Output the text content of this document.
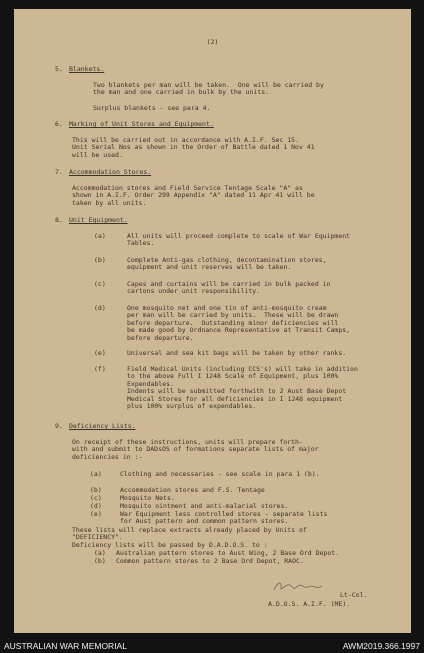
(2)
5. Blankets.
Two blankets per man will be taken.  One will be carried by
the man and one carried in bulk by the units.
Surplus blankets - see para 4.
6. Marking of Unit Stores and Equipment.
This will be carried out in accordance with A.I.F. Sec 15.
Unit Serial Nos as shown in the Order of Battle dated 1 Nov 41
will be used.
7. Accommodation Stores.
Accommodation stores and Field Service Tentage Scale "A" as
shown in A.I.F. Order 299 Appendix "A" dated 11 Apr 41 will be
taken by all units.
8. Unit Equipment.
(a)	All units will proceed complete to scale of War Equipment
Tables.
(b)	Complete Anti-gas clothing, decontamination stores,
equipment and unit reserves will be taken.
(c)	Capes and curtains will be carried in bulk packed in
cartons under unit responsibility.
(d)	One mosquito net and one tin of anti-mosquito cream
per man will be carried by units.  These will be drawn
before departure.  Outstanding minor deficiencies will
be made good by Ordnance Representative at Transit Camps,
before departure.
(e)	Universal and sea kit bags will be taken by other ranks.
(f)	Field Medical Units (including CCS's) will take in addition
to the above Full I 1248 Scale of Equipment, plus 100%
Expendables.
Indents will be submitted forthwith to 2 Aust Base Depot
Medical Stores for all deficiencies in I 1248 equipment
plus 100% surplus of expendables.
9. Deficiency Lists.
On receipt of these instructions, units will prepare forth-
with and submit to DADsOS of formations separate lists of major
deficiencies in :-
(a)	Clothing and necessaries - see scale in para 1 (b).
(b)	Accommodation stores and F.S. Tentage
(c)	Mosquito Nets.
(d)	Mosquito ointment and anti-malarial stores.
(e)	War Equipment less controlled stores - separate lists
for Aust pattern and common pattern stores.
These lists will replace extracts already placed by Units of
"DEFICIENCY".
Deficiency lists will be passed by D.A.D.O.S. to :
(a) Australian pattern stores to Aust Wing, 2 Base Ord Depot.
(b) Common pattern stores to 2 Base Ord Depot, RAOC.
Lt-Col.
A.D.O.S. A.I.F. (ME).
AUSTRALIAN WAR MEMORIAL	AWM2019.366.1997
